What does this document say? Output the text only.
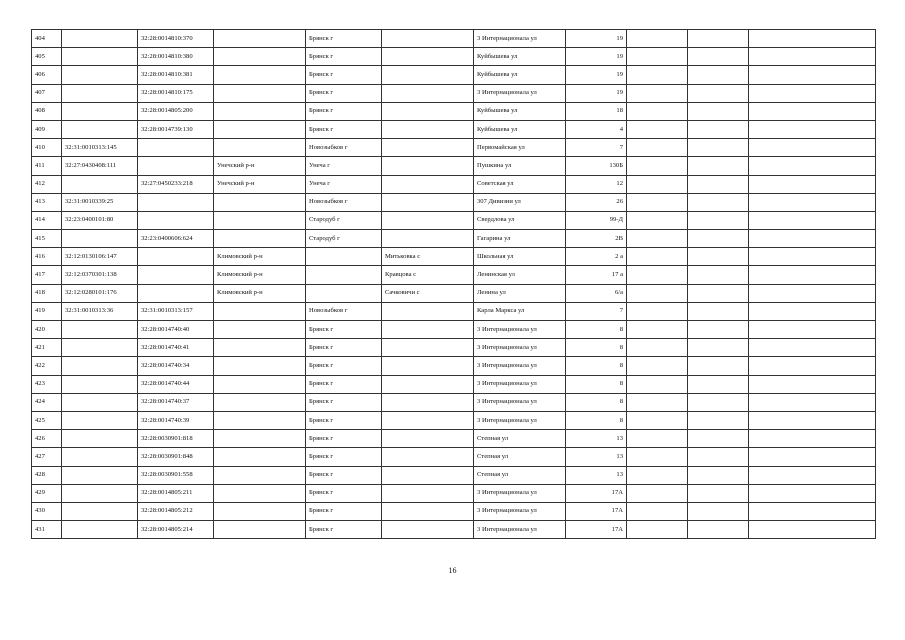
404		32:28:0014810:370		Брянск г		3 Интернационала ул	19			
405		32:28:0014810:380		Брянск г		Куйбышева ул	19			
406		32:28:0014810:381		Брянск г		Куйбышева ул	19			
407		32:28:0014810:175		Брянск г		3 Интернационала ул	19			
408		32:28:0014805:200		Брянск г		Куйбышева ул	18			
409		32:28:0014739:130		Брянск г		Куйбышева ул	4			
410	32:31:0010313:145			Новозыбков г		Первомайская ул	7			
411	32:27:0430408:111		Унечский р-н	Унеча г		Пушкина ул	130Б			
412		32:27:0450233:218	Унечский р-н	Унеча г		Советская ул	12			
413	32:31:0010339:25			Новозыбков г		307 Дивизии ул	26			
414	32:23:0400101:80			Стародуб г		Свердлова ул	99-Д			
415		32:23:0400606:624		Стародуб г		Гагарина ул	2В			
416	32:12:0130106:147		Климовский р-н		Митьковка с	Школьная ул	2 а			
417	32:12:0370301:138		Климовский р-н		Кравцова с	Ленинская ул	17 а			
418	32:12:0280101:176		Климовский р-н		Сачковичи с	Ленина ул	6/а			
419	32:31:0010313:36	32:31:0010313:157		Новозыбков г		Карла Маркса ул	7			
420		32:28:0014740:40		Брянск г		3 Интернационала ул	8			
421		32:28:0014740:41		Брянск г		3 Интернационала ул	8			
422		32:28:0014740:34		Брянск г		3 Интернационала ул	8			
423		32:28:0014740:44		Брянск г		3 Интернационала ул	8			
424		32:28:0014740:37		Брянск г		3 Интернационала ул	8			
425		32:28:0014740:39		Брянск г		3 Интернационала ул	8			
426		32:28:0030901:818		Брянск г		Степная ул	13			
427		32:28:0030901:848		Брянск г		Степная ул	13			
428		32:28:0030901:558		Брянск г		Степная ул	13			
429		32:28:0014805:211		Брянск г		3 Интернационала ул	17А			
430		32:28:0014805:212		Брянск г		3 Интернационала ул	17А			
431		32:28:0014805:214		Брянск г		3 Интернационала ул	17А			
16
